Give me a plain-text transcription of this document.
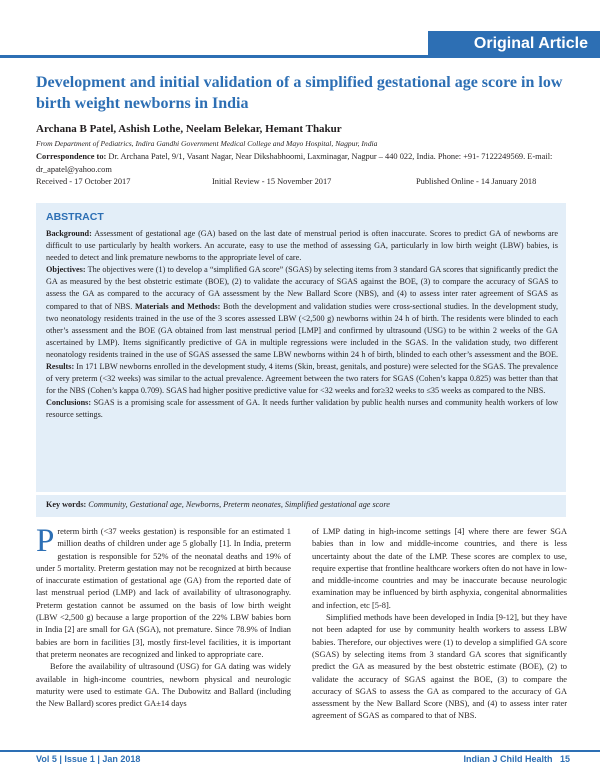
Original Article
Development and initial validation of a simplified gestational age score in low birth weight newborns in India
Archana B Patel, Ashish Lothe, Neelam Belekar, Hemant Thakur
From Department of Pediatrics, Indira Gandhi Government Medical College and Mayo Hospital, Nagpur, India
Correspondence to: Dr. Archana Patel, 9/1, Vasant Nagar, Near Dikshabhoomi, Laxminagar, Nagpur – 440 022, India. Phone: +91- 7122249569. E-mail: dr_apatel@yahoo.com
Received - 17 October 2017	Initial Review - 15 November 2017	Published Online - 14 January 2018
ABSTRACT

Background: Assessment of gestational age (GA) based on the last date of menstrual period is often inaccurate. Scores to predict GA of newborns are difficult to use particularly by health workers. An accurate, easy to use the method of assessing GA, particularly in low birth weight (LBW) babies, is needed to detect and link premature newborns to the appropriate level of care.
Objectives: The objectives were (1) to develop a “simplified GA score” (SGAS) by selecting items from 3 standard GA scores that significantly predict the GA as measured by the best obstetric estimate (BOE), (2) to validate the accuracy of SGAS against the BOE, (3) to compare the accuracy of SGAS to assess the GA as compared to the accuracy of GA assessment by the New Ballard Score (NBS), and (4) to assess inter rater agreement of SGAS as compared to that of NBS. Materials and Methods: Both the development and validation studies were cross-sectional studies. In the development study, two neonatology residents trained in the use of the 3 scores assessed LBW (<2,500 g) newborns within 24 h of birth. The residents were blinded to each other’s assessment and the BOE (GA obtained from last menstrual period [LMP] and confirmed by ultrasound (USG) to be within 2 weeks of the GA ascertained by LMP). Items significantly predictive of GA in multiple regressions were included in the SGAS. In the validation study, two different neonatology residents trained in the use of SGAS assessed the same LBW newborns within 24 h of birth, blinded to each other’s assessment and the BOE. Results: In 171 LBW newborns enrolled in the development study, 4 items (Skin, breast, genitals, and posture) were selected for the SGAS. The prevalence of very preterm (<32 weeks) was similar to the actual prevalence. Agreement between the two raters for SGAS (Cohen’s kappa 0.825) was better than that for the NBS (Cohen’s kappa 0.709). SGAS had higher positive predictive value for <32 weeks and for≥32 weeks to ≤35 weeks as compared to the NBS.
Conclusions: SGAS is a promising scale for assessment of GA. It needs further validation by public health nurses and community health workers of low resource settings.

Key words: Community, Gestational age, Newborns, Preterm neonates, Simplified gestational age score

Preterm birth (<37 weeks gestation) is responsible for an estimated 1 million deaths of children under age 5 globally [1]. In India, preterm gestation is responsible for 52% of the neonatal deaths and 19% of under 5 mortality. Preterm gestation may not be recognized at birth because of inaccurate estimation of gestational age (GA) from the reported date of last menstrual period (LMP) and lack of availability of ultrasonography. Preterm gestation cannot be assumed on the basis of low birth weight (LBW <2,500 g) because a large proportion of the 22% LBW babies born in India [2] are small for GA (SGA), not premature. Since 78.9% of Indian babies are born in facilities [3], mostly first-level facilities, it is important that preterm neonates are recognized and linked to appropriate care.

Before the availability of ultrasound (USG) for GA dating was widely available in high-income countries, newborn physical and neurologic maturity were used to estimate GA. The Dubowitz and Ballard (including the New Ballard) scores predict GA±14 days

of LMP dating in high-income settings [4] where there are fewer SGA babies than in low and middle-income countries, and there is less uncertainty about the date of the LMP. These scores are complex to use, require expertise that frontline healthcare workers often do not have in low- and middle-income countries and may be inaccurate because neurologic examination may be influenced by birth asphyxia, congenital abnormalities and infection, etc [5-8].

Simplified methods have been developed in India [9-12], but they have not been adapted for use by community health workers to assess LBW babies. Therefore, our objectives were (1) to develop a simplified GA score (SGAS) by selecting items from 3 standard GA scores that significantly predict the GA as measured by the best obstetric estimate (BOE), (2) to validate the accuracy of SGAS against the BOE, (3) to compare the accuracy of SGAS to assess the GA as compared to the accuracy of GA assessment by the New Ballard Score (NBS), and (4) to assess inter rater agreement of SGAS as compared to that of NBS.

Vol 5 | Issue 1 | Jan 2018	Indian J Child Health   15
